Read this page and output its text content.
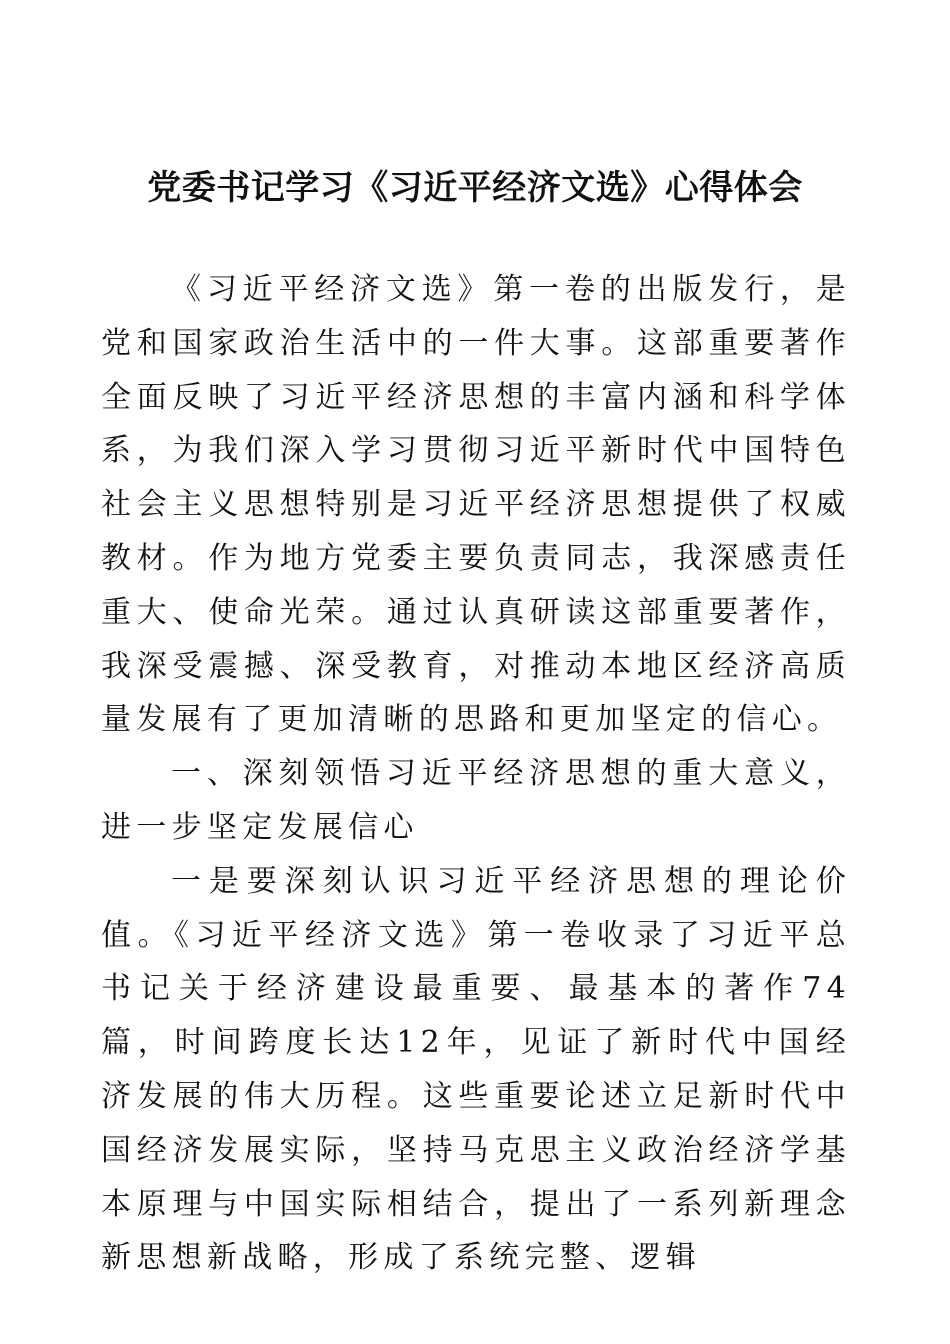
党委书记学习《习近平经济文选》心得体会

《习近平经济文选》第一卷的出版发行，是党和国家政治生活中的一件大事。这部重要著作全面反映了习近平经济思想的丰富内涵和科学体系，为我们深入学习贯彻习近平新时代中国特色社会主义思想特别是习近平经济思想提供了权威教材。作为地方党委主要负责同志，我深感责任重大、使命光荣。通过认真研读这部重要著作，我深受震撼、深受教育，对推动本地区经济高质量发展有了更加清晰的思路和更加坚定的信心。

一、深刻领悟习近平经济思想的重大意义，进一步坚定发展信心

一是要深刻认识习近平经济思想的理论价值。《习近平经济文选》第一卷收录了习近平总书记关于经济建设最重要、最基本的著作74篇，时间跨度长达12年，见证了新时代中国经济发展的伟大历程。这些重要论述立足新时代中国经济发展实际，坚持马克思主义政治经济学基本原理与中国实际相结合，提出了一系列新理念新思想新战略，形成了系统完整、逻辑
